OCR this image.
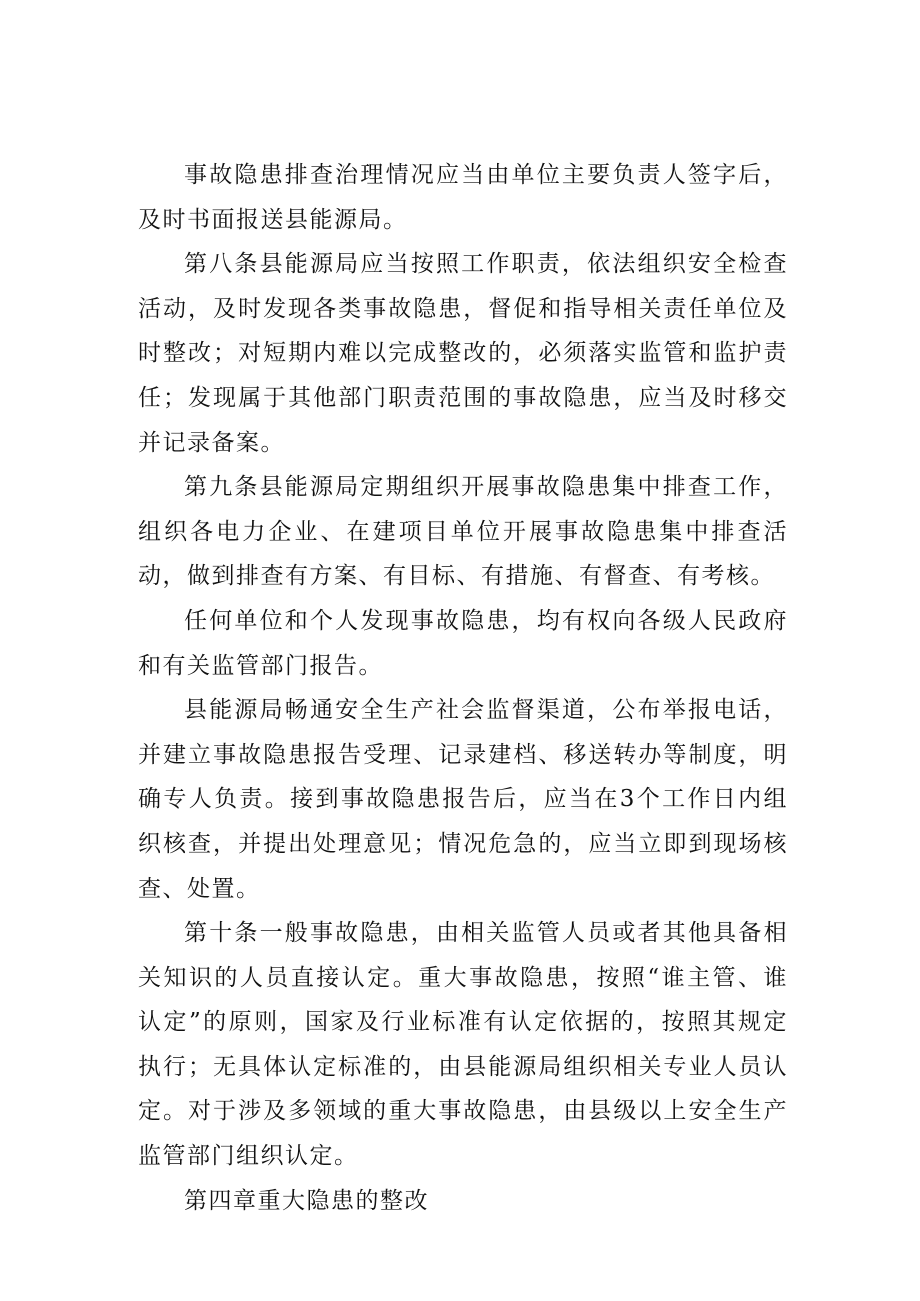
事故隐患排查治理情况应当由单位主要负责人签字后，及时书面报送县能源局。

第八条县能源局应当按照工作职责，依法组织安全检查活动，及时发现各类事故隐患，督促和指导相关责任单位及时整改；对短期内难以完成整改的，必须落实监管和监护责任；发现属于其他部门职责范围的事故隐患，应当及时移交并记录备案。

第九条县能源局定期组织开展事故隐患集中排查工作，组织各电力企业、在建项目单位开展事故隐患集中排查活动，做到排查有方案、有目标、有措施、有督查、有考核。

任何单位和个人发现事故隐患，均有权向各级人民政府和有关监管部门报告。

县能源局畅通安全生产社会监督渠道，公布举报电话，并建立事故隐患报告受理、记录建档、移送转办等制度，明确专人负责。接到事故隐患报告后，应当在3个工作日内组织核查，并提出处理意见；情况危急的，应当立即到现场核查、处置。

第十条一般事故隐患，由相关监管人员或者其他具备相关知识的人员直接认定。重大事故隐患，按照“谁主管、谁认定”的原则，国家及行业标准有认定依据的，按照其规定执行；无具体认定标准的，由县能源局组织相关专业人员认定。对于涉及多领域的重大事故隐患，由县级以上安全生产监管部门组织认定。

第四章重大隐患的整改
